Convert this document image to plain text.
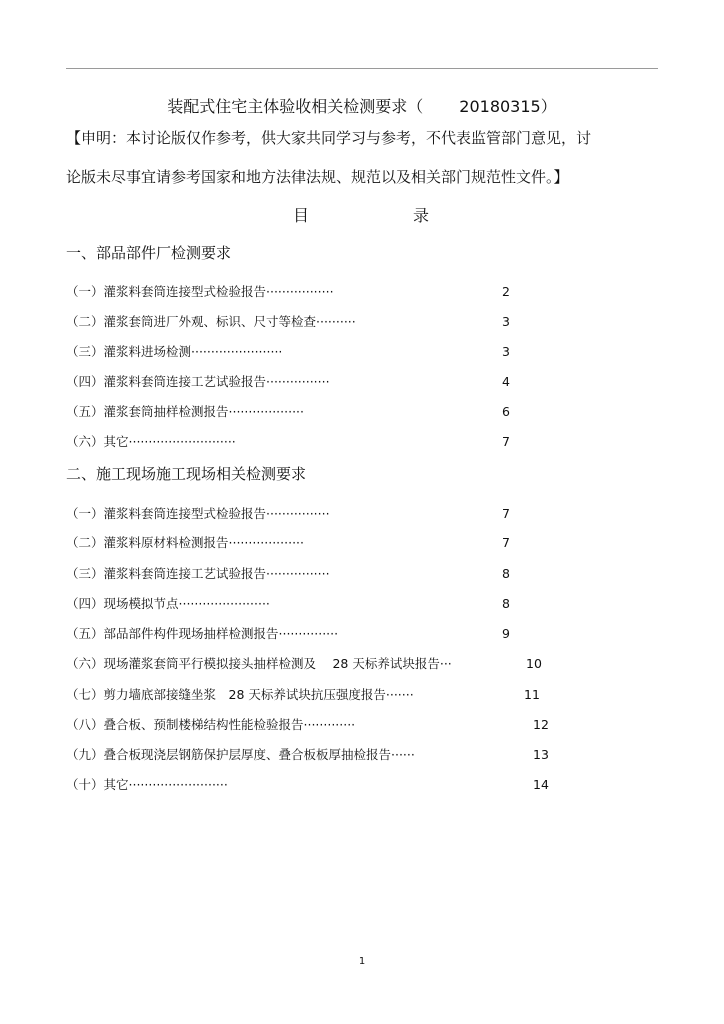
装配式住宅主体验收相关检测要求（ 20180315）
【申明：本讨论版仅作参考，供大家共同学习与参考，不代表监管部门意见，讨
论版未尽事宜请参考国家和地方法律法规、规范以及相关部门规范性文件。】
目	录
一、部品部件厂检测要求
（一）灌浆料套筒连接型式检验报告·················	2
（二）灌浆套筒进厂外观、标识、尺寸等检查··········	3
（三）灌浆料进场检测·······················	3
（四）灌浆料套筒连接工艺试验报告················	4
（五）灌浆套筒抽样检测报告···················	6
（六）其它···························	7
二、施工现场施工现场相关检测要求
（一）灌浆料套筒连接型式检验报告················	7
（二）灌浆料原材料检测报告···················	7
（三）灌浆料套筒连接工艺试验报告················	8
（四）现场模拟节点·······················	8
（五）部品部件构件现场抽样检测报告···············	9
（六）现场灌浆套筒平行模拟接头抽样检测及　 28 天标养试块报告···	10
（七）剪力墙底部接缝坐浆　28 天标养试块抗压强度报告·······	11
（八）叠合板、预制楼梯结构性能检验报告·············	12
（九）叠合板现浇层钢筋保护层厚度、叠合板板厚抽检报告······	13
（十）其它·························	14
1
